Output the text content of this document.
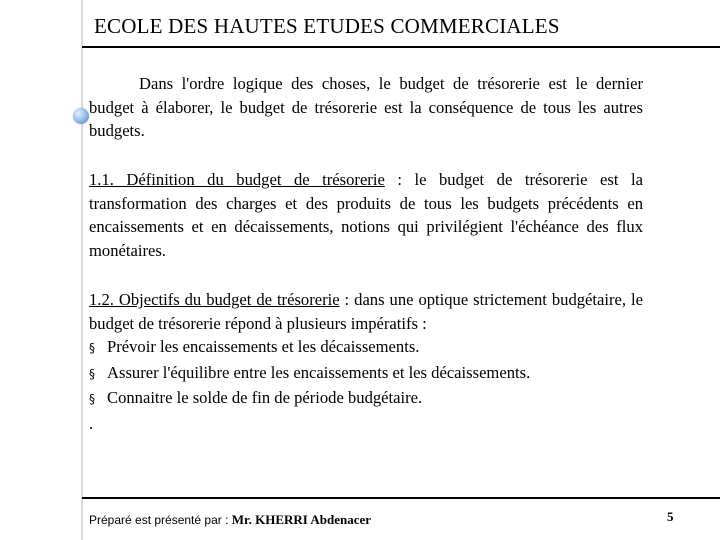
ECOLE DES HAUTES ETUDES COMMERCIALES
Dans l'ordre logique des choses, le budget de trésorerie est le dernier budget à élaborer, le budget de trésorerie est la conséquence de tous les autres budgets.
1.1. Définition du budget de trésorerie : le budget de trésorerie est la transformation des charges et des produits de tous les budgets précédents en encaissements et en décaissements, notions qui privilégient l'échéance des flux monétaires.
1.2. Objectifs du budget de trésorerie : dans une optique strictement budgétaire, le budget de trésorerie répond à plusieurs impératifs :
§ Prévoir les encaissements et les décaissements.
§ Assurer l'équilibre entre les encaissements et les décaissements.
§ Connaitre le solde de fin de période budgétaire.
.
Préparé est présenté par : Mr. KHERRI Abdenacer	5
